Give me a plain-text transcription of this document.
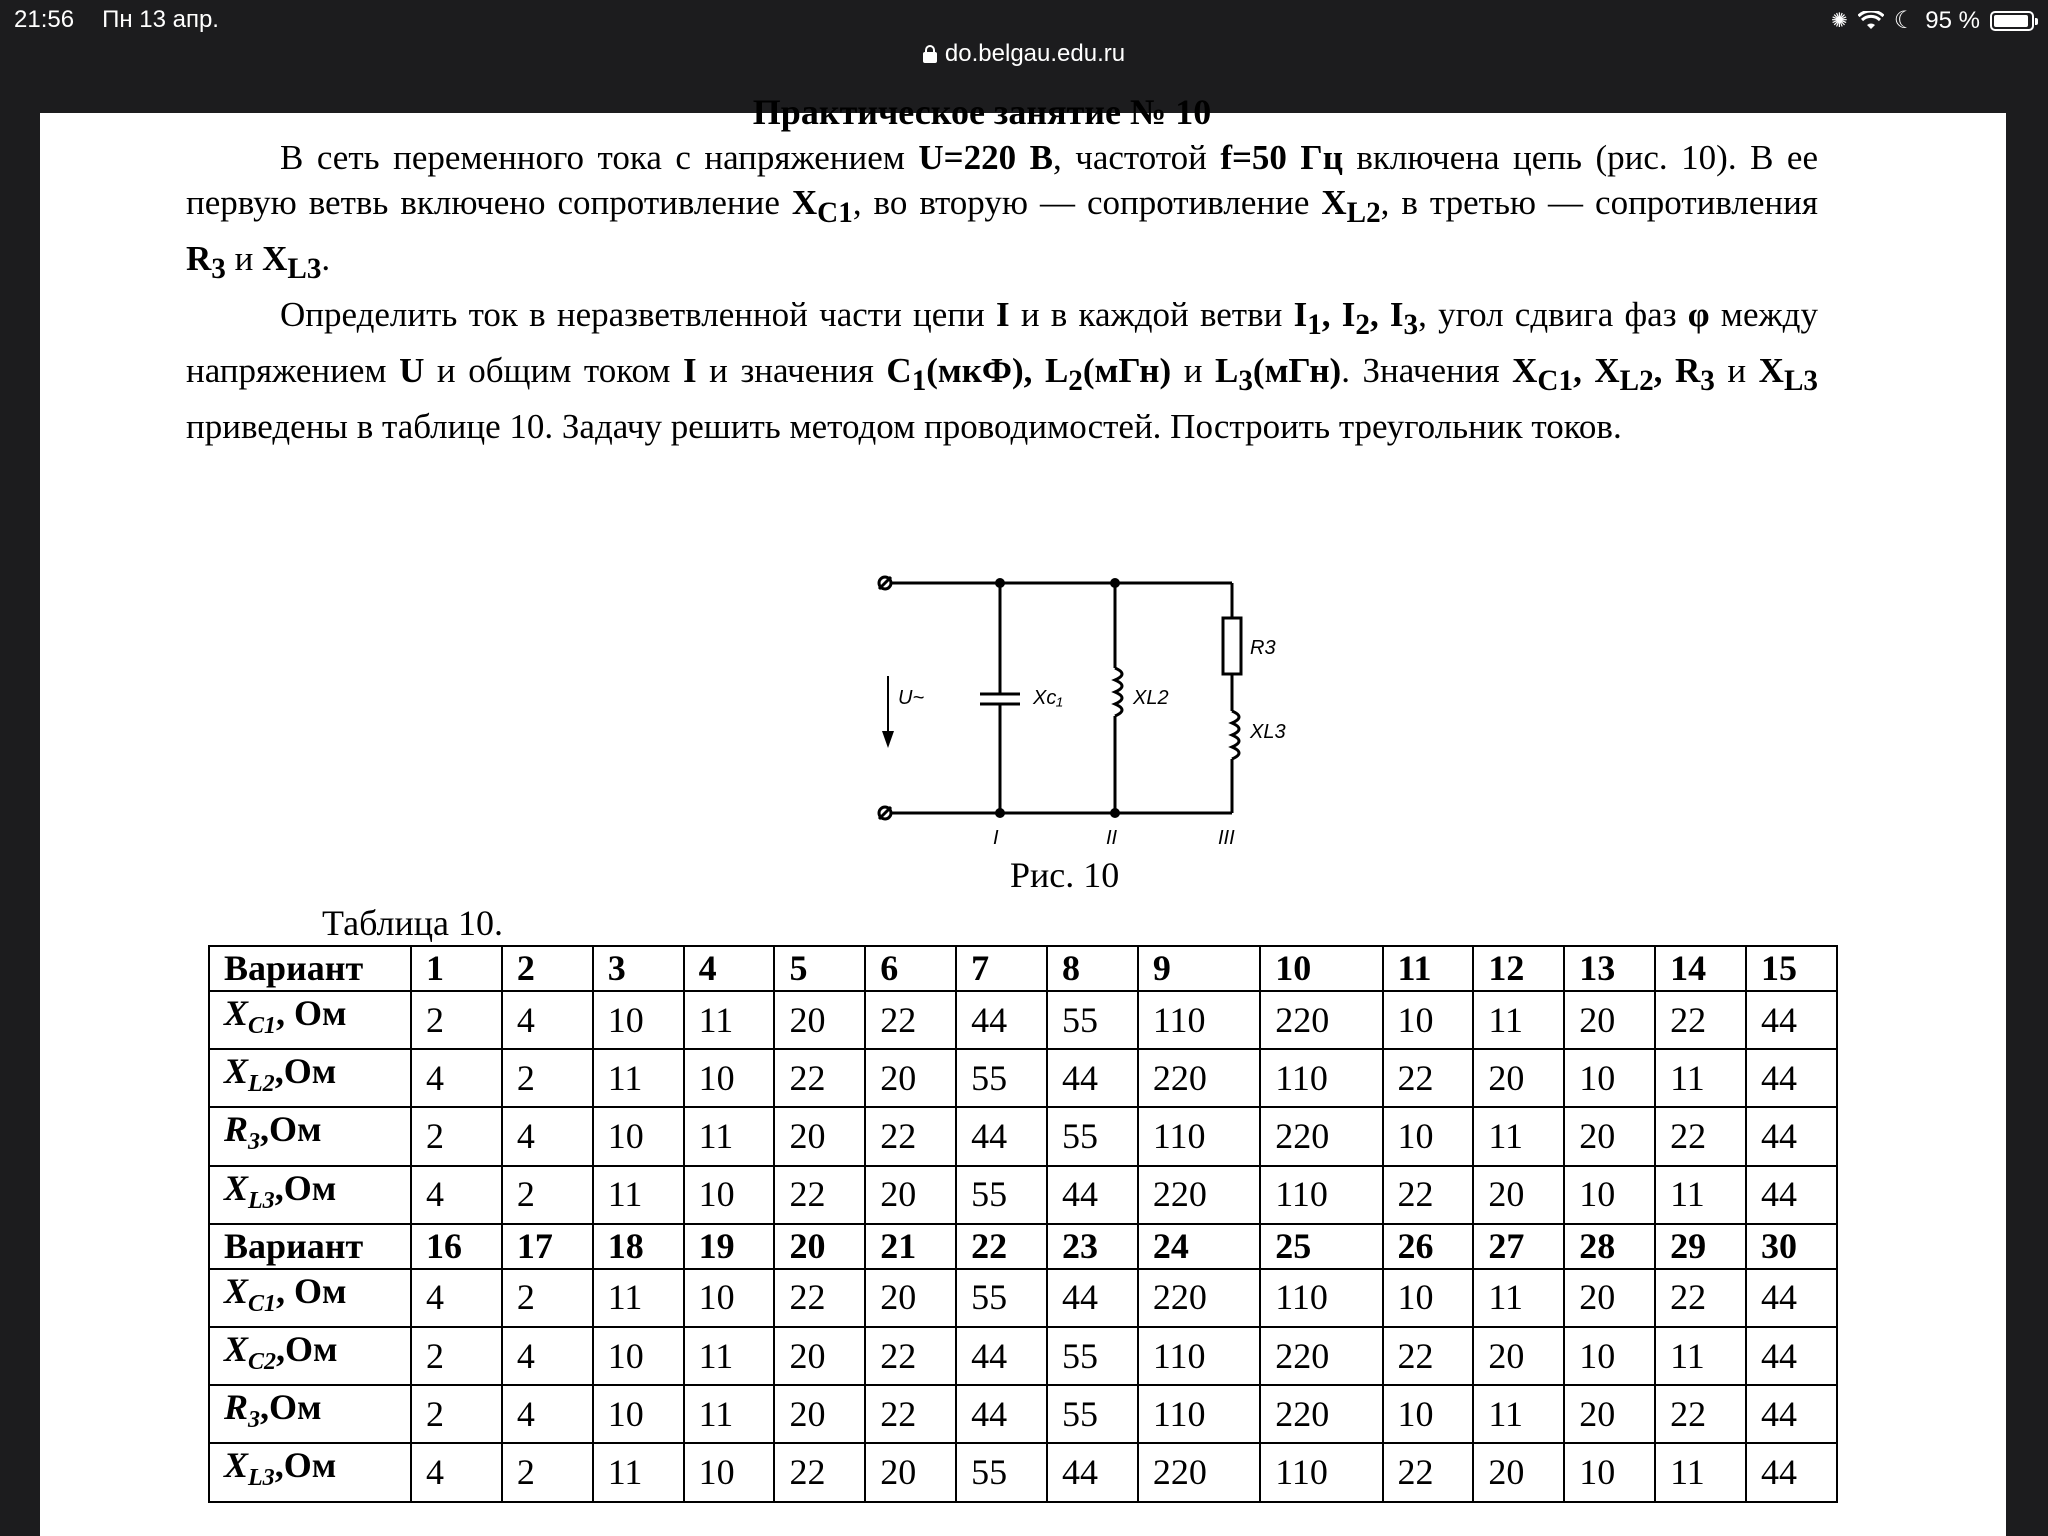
21:56 Пн 13 апр.	✺ ☾ 95 %
do.belgau.edu.ru

Практическое занятие № 10

В сеть переменного тока с напряжением U=220 В, частотой f=50 Гц включена цепь (рис. 10). В ее первую ветвь включено сопротивление $X_{C1}$, во вторую — сопротивление $X_{L2}$, в третью — сопротивления $R_3$ и $X_{L3}$.

Определить ток в неразветвленной части цепи I и в каждой ветви $I_1$, $I_2$, $I_3$, угол сдвига фаз φ между напряжением U и общим током I и значения $C_1(мкФ)$, $L_2(мГн)$ и $L_3(мГн)$. Значения $X_{C1}$, $X_{L2}$, $R_3$ и $X_{L3}$ приведены в таблице 10. Задачу решить методом проводимостей. Построить треугольник токов.

U~	Xc₁	XL2
R3
XL3
I	II	III
Рис. 10
Таблица 10.
Вариант	1	2	3	4	5	6	7	8	9	10	11	12	13	14	15
$X_{C1}$, Ом	2	4	10	11	20	22	44	55	110	220	10	11	20	22	44
$X_{L2},Ом$	4	2	11	10	22	20	55	44	220	110	22	20	10	11	44
$R_3,Ом$	2	4	10	11	20	22	44	55	110	220	10	11	20	22	44
$X_{L3},Ом$	4	2	11	10	22	20	55	44	220	110	22	20	10	11	44
Вариант	16	17	18	19	20	21	22	23	24	25	26	27	28	29	30
$X_{C1}$, Ом	4	2	11	10	22	20	55	44	220	110	10	11	20	22	44
$X_{C2},Ом$	2	4	10	11	20	22	44	55	110	220	22	20	10	11	44
$R_3,Ом$	2	4	10	11	20	22	44	55	110	220	10	11	20	22	44
$X_{L3},Ом$	4	2	11	10	22	20	55	44	220	110	22	20	10	11	44
